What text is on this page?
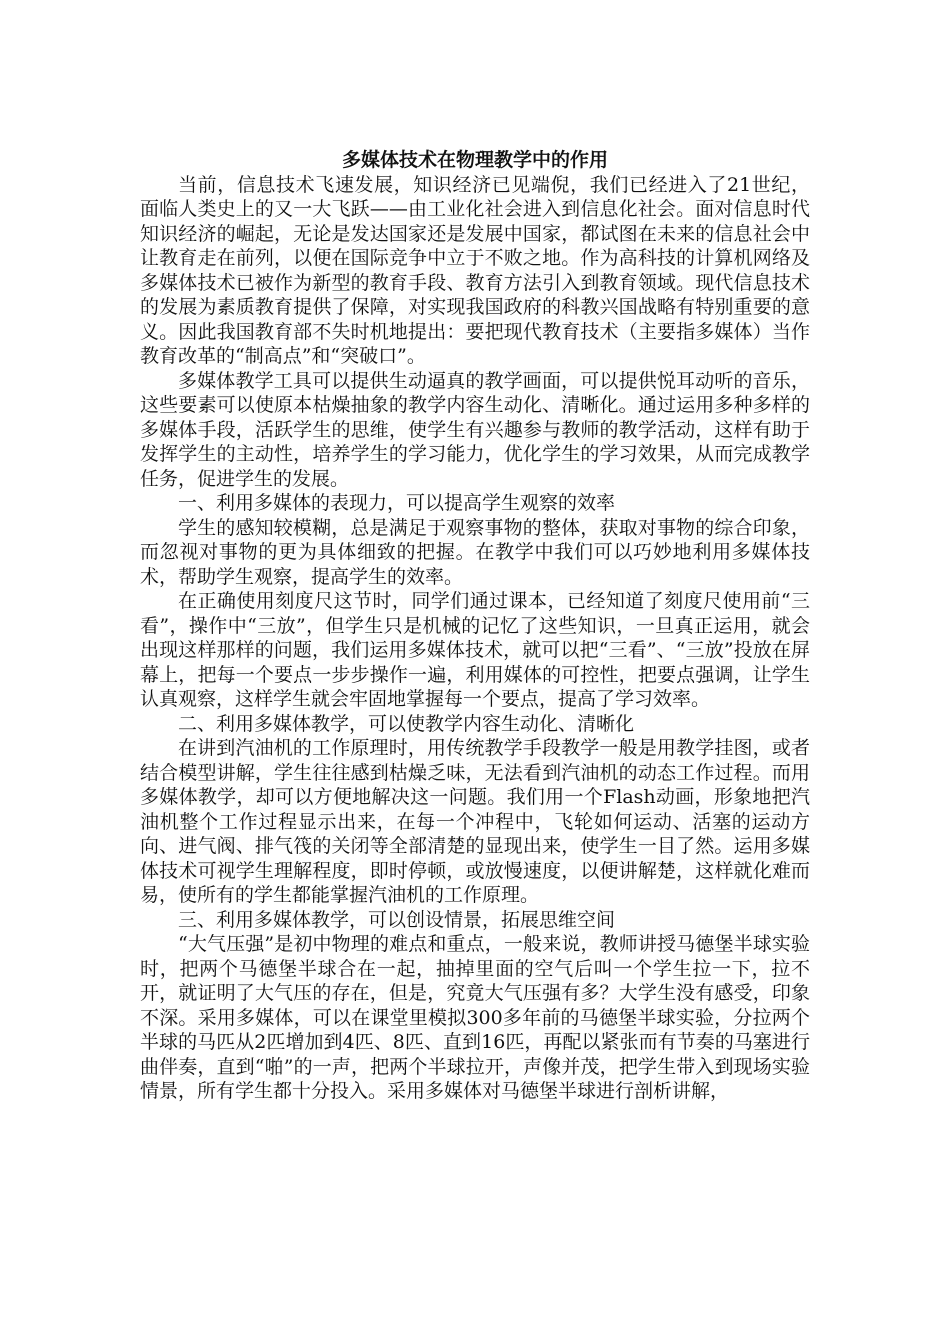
多媒体技术在物理教学中的作用

当前，信息技术飞速发展，知识经济已见端倪，我们已经进入了21世纪，面临人类史上的又一大飞跃——由工业化社会进入到信息化社会。面对信息时代知识经济的崛起，无论是发达国家还是发展中国家，都试图在未来的信息社会中让教育走在前列，以便在国际竞争中立于不败之地。作为高科技的计算机网络及多媒体技术已被作为新型的教育手段、教育方法引入到教育领域。现代信息技术的发展为素质教育提供了保障，对实现我国政府的科教兴国战略有特别重要的意义。因此我国教育部不失时机地提出：要把现代教育技术（主要指多媒体）当作教育改革的“制高点”和“突破口”。

多媒体教学工具可以提供生动逼真的教学画面，可以提供悦耳动听的音乐，这些要素可以使原本枯燥抽象的教学内容生动化、清晰化。通过运用多种多样的多媒体手段，活跃学生的思维，使学生有兴趣参与教师的教学活动，这样有助于发挥学生的主动性，培养学生的学习能力，优化学生的学习效果，从而完成教学任务，促进学生的发展。

一、利用多媒体的表现力，可以提高学生观察的效率

学生的感知较模糊，总是满足于观察事物的整体，获取对事物的综合印象，而忽视对事物的更为具体细致的把握。在教学中我们可以巧妙地利用多媒体技术，帮助学生观察，提高学生的效率。

在正确使用刻度尺这节时，同学们通过课本，已经知道了刻度尺使用前“三看”，操作中“三放”，但学生只是机械的记忆了这些知识，一旦真正运用，就会出现这样那样的问题，我们运用多媒体技术，就可以把“三看”、“三放”投放在屏幕上，把每一个要点一步步操作一遍，利用媒体的可控性，把要点强调，让学生认真观察，这样学生就会牢固地掌握每一个要点，提高了学习效率。

二、利用多媒体教学，可以使教学内容生动化、清晰化

在讲到汽油机的工作原理时，用传统教学手段教学一般是用教学挂图，或者结合模型讲解，学生往往感到枯燥乏味，无法看到汽油机的动态工作过程。而用多媒体教学，却可以方便地解决这一问题。我们用一个Flash动画，形象地把汽油机整个工作过程显示出来，在每一个冲程中，飞轮如何运动、活塞的运动方向、进气阀、排气筏的关闭等全部清楚的显现出来，使学生一目了然。运用多媒体技术可视学生理解程度，即时停顿，或放慢速度，以便讲解楚，这样就化难而易，使所有的学生都能掌握汽油机的工作原理。

三、利用多媒体教学，可以创设情景，拓展思维空间

“大气压强”是初中物理的难点和重点，一般来说，教师讲授马德堡半球实验时，把两个马德堡半球合在一起，抽掉里面的空气后叫一个学生拉一下，拉不开，就证明了大气压的存在，但是，究竟大气压强有多？大学生没有感受，印象不深。采用多媒体，可以在课堂里模拟300多年前的马德堡半球实验，分拉两个半球的马匹从2匹增加到4匹、8匹、直到16匹，再配以紧张而有节奏的马塞进行曲伴奏，直到“啪”的一声，把两个半球拉开，声像并茂，把学生带入到现场实验情景，所有学生都十分投入。采用多媒体对马德堡半球进行剖析讲解，
